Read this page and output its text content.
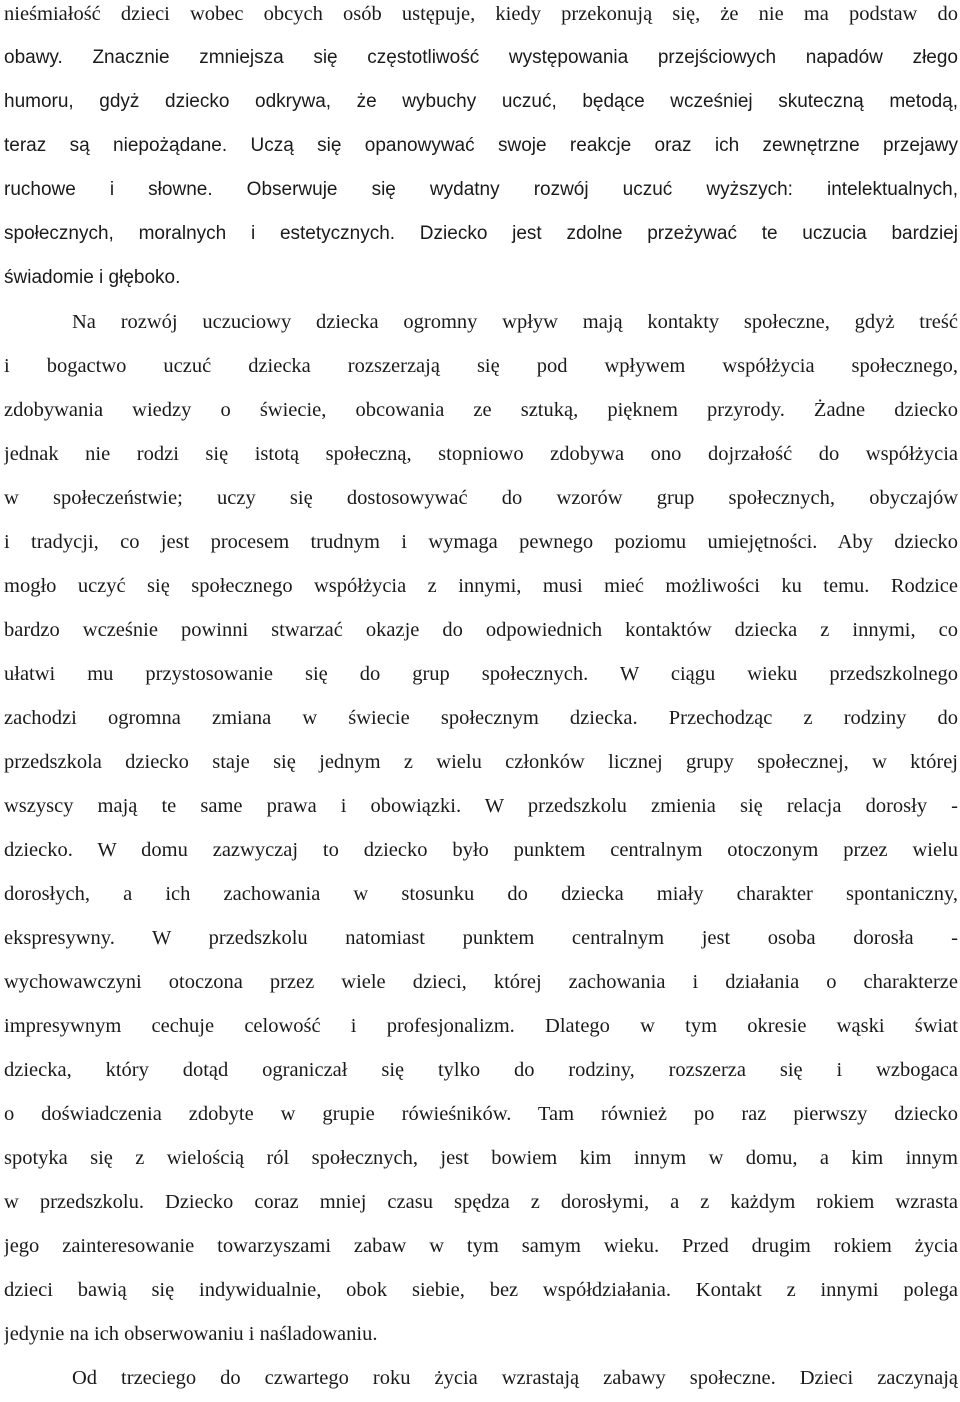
nieśmiałość dzieci wobec obcych osób ustępuje, kiedy przekonują się, że nie ma podstaw do
obawy. Znacznie zmniejsza się częstotliwość występowania przejściowych napadów złego
humoru, gdyż dziecko odkrywa, że wybuchy uczuć, będące wcześniej skuteczną metodą,
teraz są niepożądane. Uczą się opanowywać swoje reakcje oraz ich zewnętrzne przejawy
ruchowe i słowne. Obserwuje się wydatny rozwój uczuć wyższych: intelektualnych,
społecznych, moralnych i estetycznych. Dziecko jest zdolne przeżywać te uczucia bardziej
świadomie i głęboko.
Na rozwój uczuciowy dziecka ogromny wpływ mają kontakty społeczne, gdyż treść
i bogactwo uczuć dziecka rozszerzają się pod wpływem współżycia społecznego,
zdobywania wiedzy o świecie, obcowania ze sztuką, pięknem przyrody. Żadne dziecko
jednak nie rodzi się istotą społeczną, stopniowo zdobywa ono dojrzałość do współżycia
w społeczeństwie; uczy się dostosowywać do wzorów grup społecznych, obyczajów
i tradycji, co jest procesem trudnym i wymaga pewnego poziomu umiejętności. Aby dziecko
mogło uczyć się społecznego współżycia z innymi, musi mieć możliwości ku temu. Rodzice
bardzo wcześnie powinni stwarzać okazje do odpowiednich kontaktów dziecka z innymi, co
ułatwi mu przystosowanie się do grup społecznych. W ciągu wieku przedszkolnego
zachodzi ogromna zmiana w świecie społecznym dziecka. Przechodząc z rodziny do
przedszkola dziecko staje się jednym z wielu członków licznej grupy społecznej, w której
wszyscy mają te same prawa i obowiązki. W przedszkolu zmienia się relacja dorosły -
dziecko. W domu zazwyczaj to dziecko było punktem centralnym otoczonym przez wielu
dorosłych, a ich zachowania w stosunku do dziecka miały charakter spontaniczny,
ekspresywny. W przedszkolu natomiast punktem centralnym jest osoba dorosła -
wychowawczyni otoczona przez wiele dzieci, której zachowania i działania o charakterze
impresywnym cechuje celowość i profesjonalizm. Dlatego w tym okresie wąski świat
dziecka, który dotąd ograniczał się tylko do rodziny, rozszerza się i wzbogaca
o doświadczenia zdobyte w grupie rówieśników. Tam również po raz pierwszy dziecko
spotyka się z wielością ról społecznych, jest bowiem kim innym w domu, a kim innym
w przedszkolu. Dziecko coraz mniej czasu spędza z dorosłymi, a z każdym rokiem wzrasta
jego zainteresowanie towarzyszami zabaw w tym samym wieku. Przed drugim rokiem życia
dzieci bawią się indywidualnie, obok siebie, bez współdziałania. Kontakt z innymi polega
jedynie na ich obserwowaniu i naśladowaniu.
Od trzeciego do czwartego roku życia wzrastają zabawy społeczne. Dzieci zaczynają
